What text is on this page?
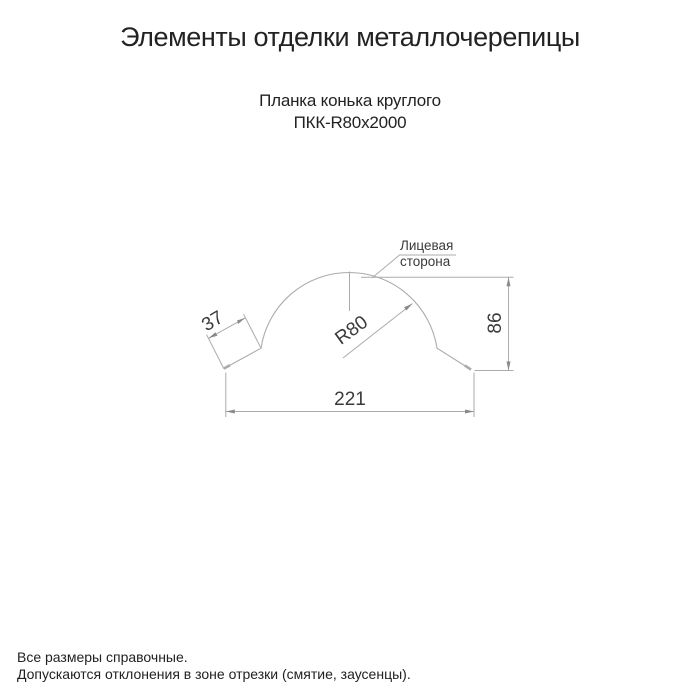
Элементы отделки металлочерепицы
Планка конька круглого
ПКК-R80x2000
Лицевая
сторона
R80
37	86
221
Все размеры справочные.
Допускаются отклонения в зоне отрезки (смятие, заусенцы).
